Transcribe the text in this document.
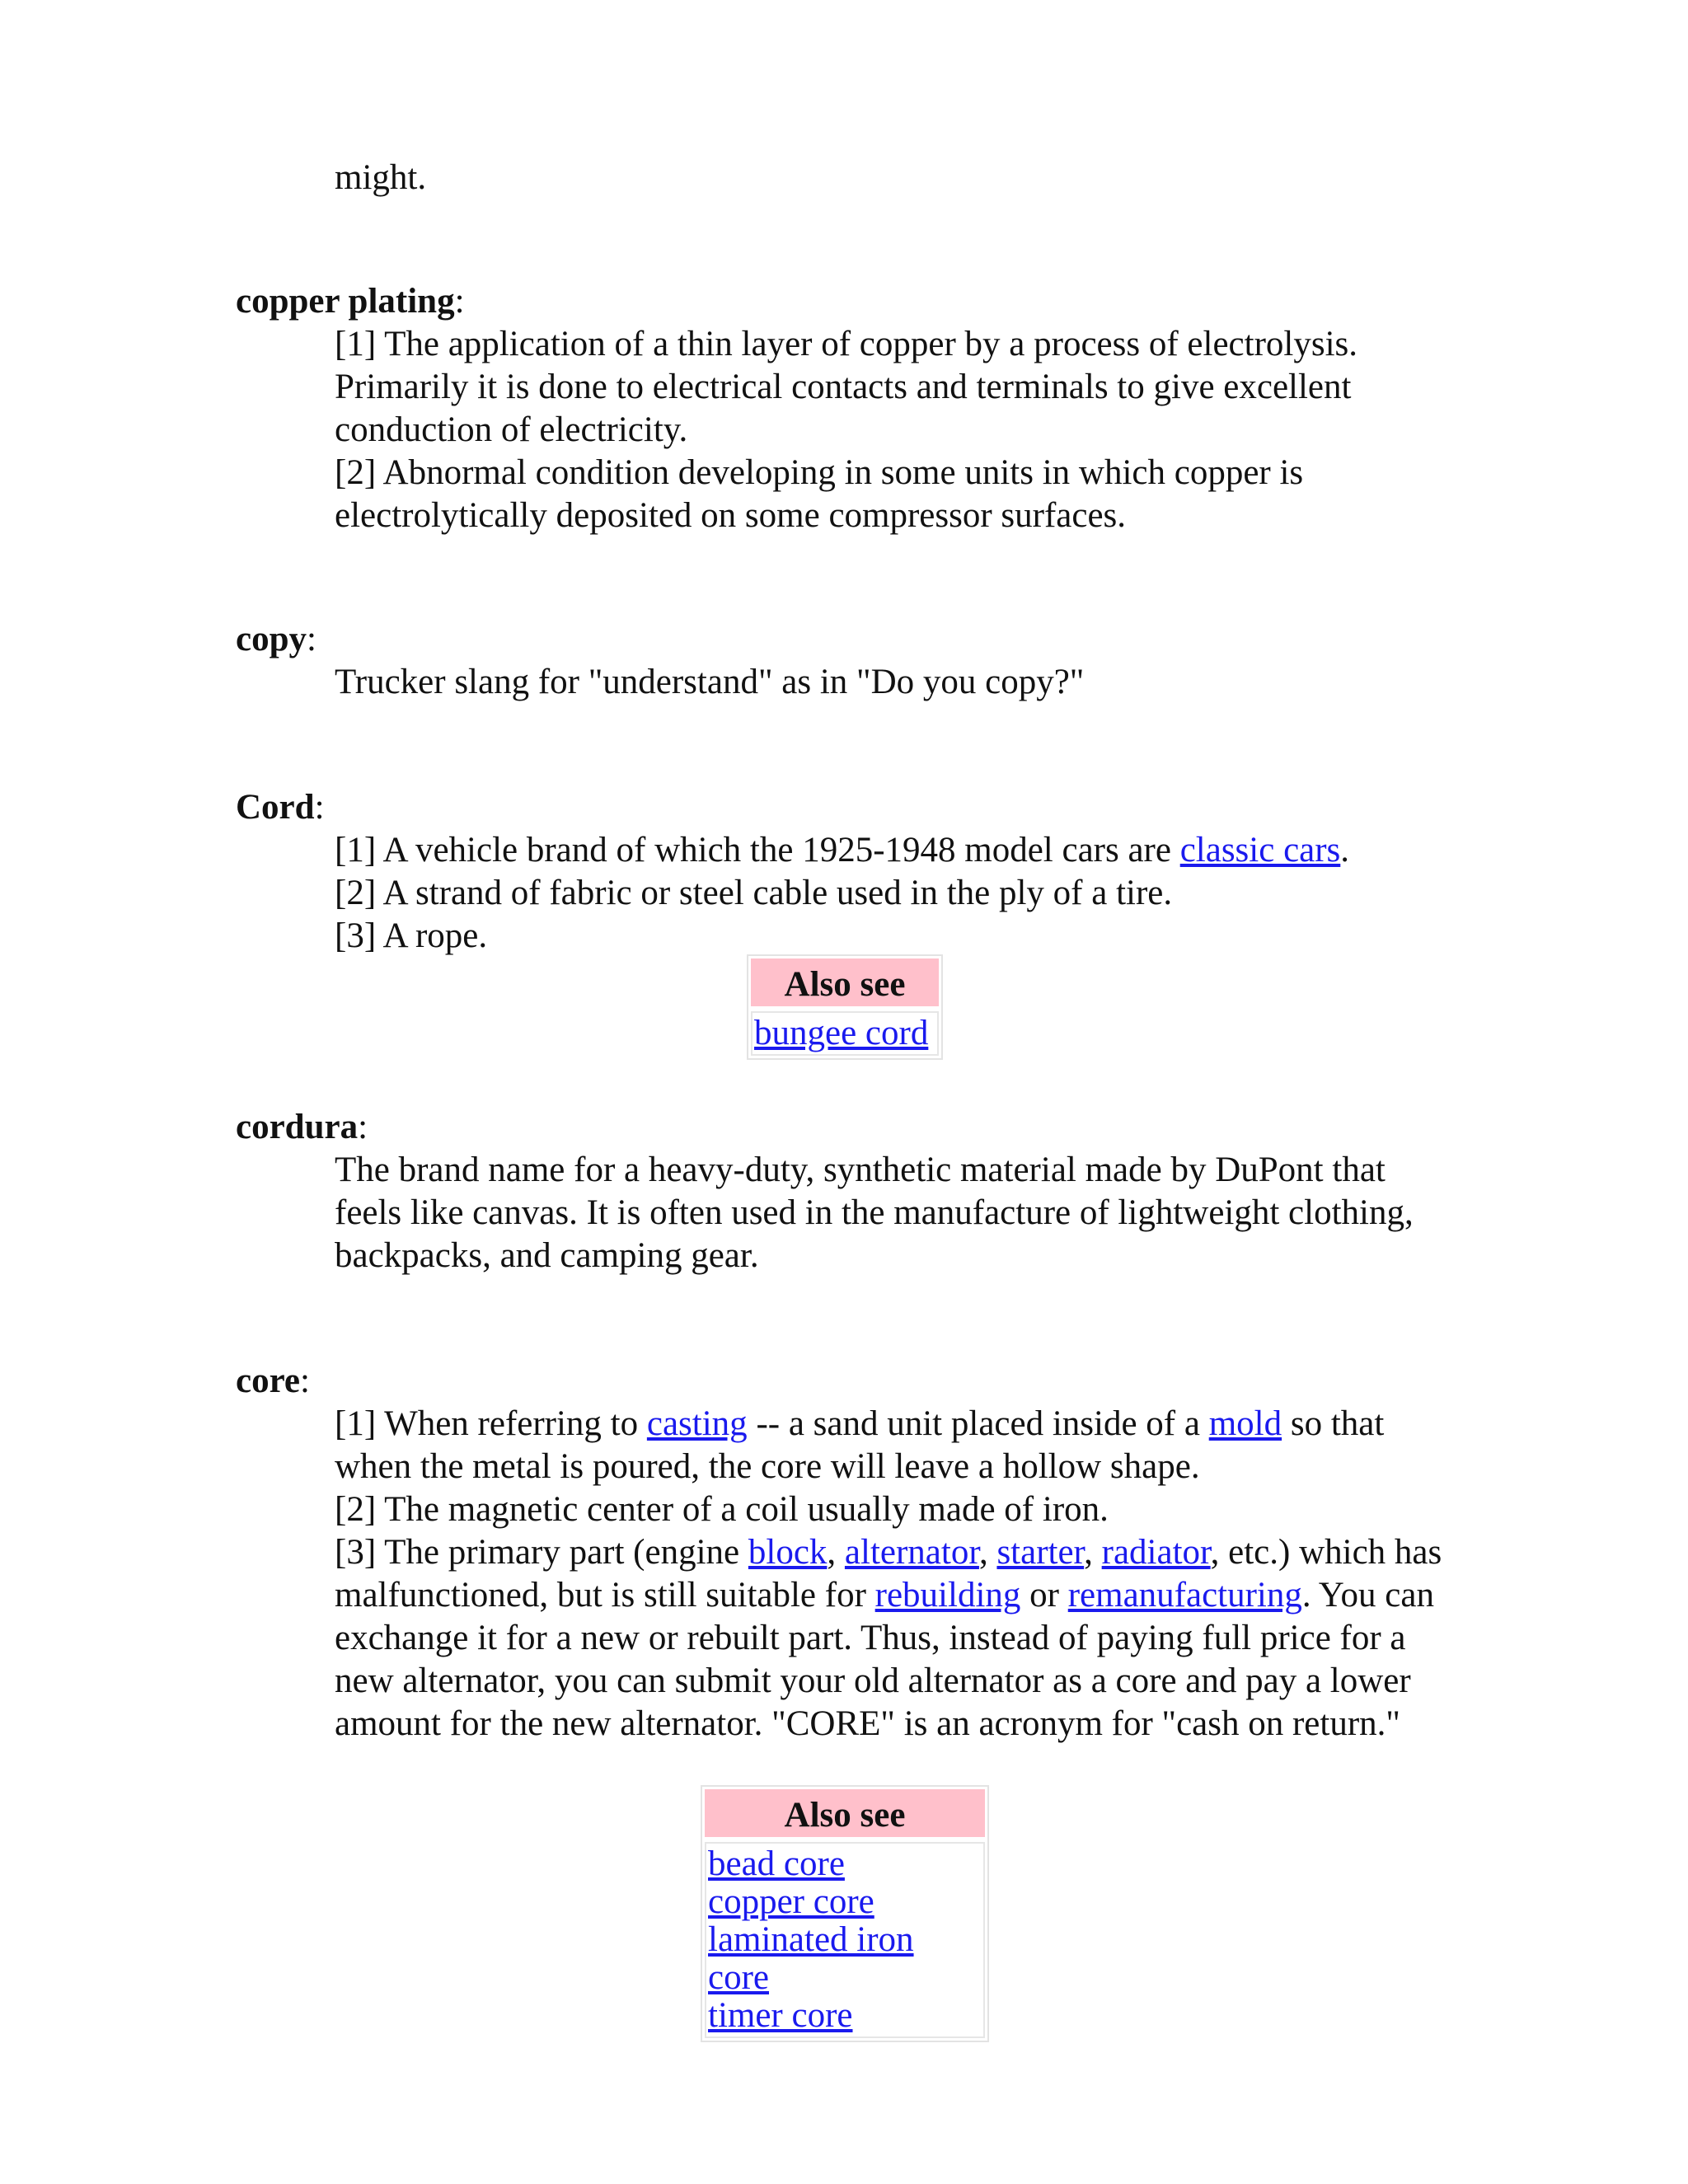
might.

copper plating:

[1] The application of a thin layer of copper by a process of electrolysis. Primarily it is done to electrical contacts and terminals to give excellent conduction of electricity.

[2] Abnormal condition developing in some units in which copper is electrolytically deposited on some compressor surfaces.

copy:

Trucker slang for "understand" as in "Do you copy?"

Cord:

[1] A vehicle brand of which the 1925-1948 model cars are classic cars.

[2] A strand of fabric or steel cable used in the ply of a tire.

[3] A rope.

Also see
bungee cord

cordura:

The brand name for a heavy-duty, synthetic material made by DuPont that feels like canvas. It is often used in the manufacture of lightweight clothing, backpacks, and camping gear.

core:

[1] When referring to casting -- a sand unit placed inside of a mold so that when the metal is poured, the core will leave a hollow shape.

[2] The magnetic center of a coil usually made of iron.

[3] The primary part (engine block, alternator, starter, radiator, etc.) which has malfunctioned, but is still suitable for rebuilding or remanufacturing. You can exchange it for a new or rebuilt part. Thus, instead of paying full price for a new alternator, you can submit your old alternator as a core and pay a lower amount for the new alternator. "CORE" is an acronym for "cash on return."

Also see
bead core
copper core
laminated iron core
timer core
